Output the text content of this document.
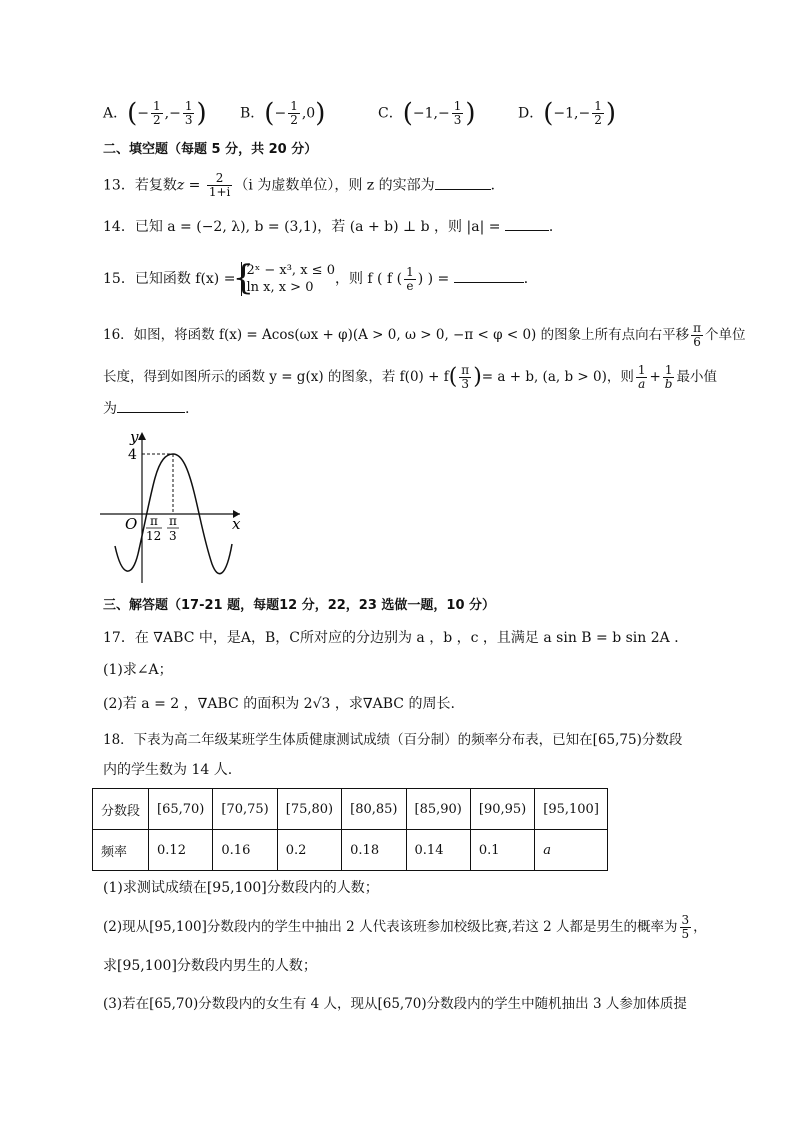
A．(− $\frac{1}{2}$ ,− $\frac{1}{3}$ ) B．(− $\frac{1}{2} ,0$)	C．($-1,- \frac{1}{3}$ )	D．($-1,- \frac{1}{2}$ )
二、填空题（每题 5 分，共 20 分）
13．若复数$z = \frac{2}{1+i} (i$ 为虚数单位），则 z 的实部为	．
14．已知 a = (−2, λ), b = (3,1)，若 (a + b) ⊥ b ，则 |a| =	．
15．已知函数 f(x) =
{ 2ˣ − x³, x ≤ 0
ln x, x > 0
，则 f ( f ( $\frac{1}{e}$ ) ) =	．
16．如图，将函数 f(x) = Acos(ωx + φ)(A > 0, ω > 0, −π < φ < 0) 的图象上所有点向右平移 $\frac{\pi}{6}$ 个单位
长度，得到如图所示的函数 y = g(x) 的图象，若 $f(0) + f( \frac{\pi}{3}$ )= a + b, (a, b > 0)，则 $\frac{1}{a} + \frac{1}{b}$ 最小值
为	.
y
x
O
4
π
12
π
3
三、解答题（17-21 题，每题12 分，22，23 选做一题，10 分）
17．在 ∇ABC 中，是A，B，C所对应的分边别为 a ，b ，c ，且满足 a sin B = b sin 2A ．
(1)求∠A；
(2)若 a = 2 ，∇ABC 的面积为 2√3 ，求∇ABC 的周长.
18．下表为高二年级某班学生体质健康测试成绩（百分制）的频率分布表，已知在[65,75)分数段
内的学生数为 14 人.
分数段	[65,70)	[70,75)	[75,80)	[80,85)	[85,90)	[90,95)	[95,100]
频率	0.12	0.16	0.2	0.18	0.14	0.1	a
(1)求测试成绩在[95,100]分数段内的人数；
(2)现从[95,100]分数段内的学生中抽出 2 人代表该班参加校级比赛,若这 2 人都是男生的概率为 $\frac{3}{5}$ ，
求[95,100]分数段内男生的人数；
(3)若在[65,70)分数段内的女生有 4 人，现从[65,70)分数段内的学生中随机抽出 3 人参加体质提
